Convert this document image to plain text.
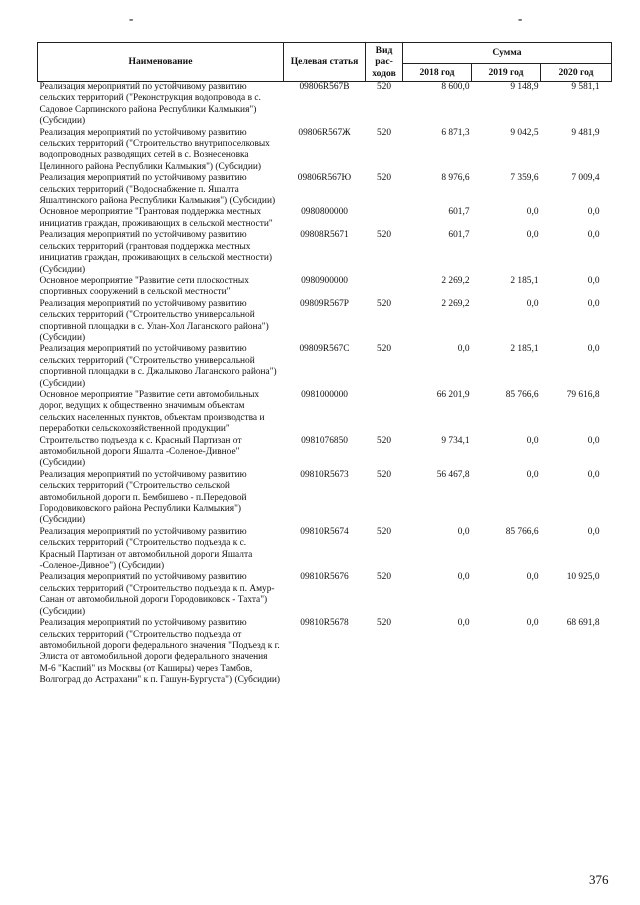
-	-
Наименование	Целевая статья	Вид рас- ходов	Сумма		
			2018 год	2019 год	2020 год
Реализация мероприятий по устойчивому развитию сельских территорий ("Реконструкция водопровода в с. Садовое Сарпинского района Республики Калмыкия") (Субсидии)	09806R567В	520	8 600,0	9 148,9	9 581,1
Реализация мероприятий по устойчивому развитию сельских территорий ("Строительство внутрипоселковых водопроводных разводящих сетей в с. Вознесеновка Целинного района Республики Калмыкия") (Субсидии)	09806R567Ж	520	6 871,3	9 042,5	9 481,9
Реализация мероприятий по устойчивому развитию сельских территорий ("Водоснабжение п. Яшалта Яшалтинского района Республики Калмыкия") (Субсидии)	09806R567Ю	520	8 976,6	7 359,6	7 009,4
Основное мероприятие "Грантовая поддержка местных инициатив граждан, проживающих в сельской местности"	0980800000		601,7	0,0	0,0
Реализация мероприятий по устойчивому развитию сельских территорий (грантовая поддержка местных инициатив граждан, проживающих в сельской местности) (Субсидии)	09808R5671	520	601,7	0,0	0,0
Основное мероприятие "Развитие сети плоскостных спортивных сооружений в сельской местности"	0980900000		2 269,2	2 185,1	0,0
Реализация мероприятий по устойчивому развитию сельских территорий ("Строительство универсальной спортивной площадки в с. Улан-Хол Лаганского района") (Субсидии)	09809R567Р	520	2 269,2	0,0	0,0
Реализация мероприятий по устойчивому развитию сельских территорий ("Строительство универсальной спортивной площадки в с. Джалыково Лаганского района") (Субсидии)	09809R567С	520	0,0	2 185,1	0,0
Основное мероприятие "Развитие сети автомобильных дорог, ведущих к общественно значимым объектам сельских населенных пунктов, объектам производства и переработки сельскохозяйственной продукции"	0981000000		66 201,9	85 766,6	79 616,8
Строительство подъезда к с. Красный Партизан от автомобильной дороги Яшалта -Соленое-Дивное" (Субсидии)	0981076850	520	9 734,1	0,0	0,0
Реализация мероприятий по устойчивому развитию сельских территорий ("Строительство сельской автомобильной дороги п. Бембишево - п.Передовой Городовиковского района Республики Калмыкия") (Субсидии)	09810R5673	520	56 467,8	0,0	0,0
Реализация мероприятий по устойчивому развитию сельских территорий ("Строительство подъезда к с. Красный Партизан от автомобильной дороги Яшалта -Соленое-Дивное") (Субсидии)	09810R5674	520	0,0	85 766,6	0,0
Реализация мероприятий по устойчивому развитию сельских территорий ("Строительство подъезда к п. Амур-Санан от автомобильной дороги Городовиковск - Тахта") (Субсидии)	09810R5676	520	0,0	0,0	10 925,0
Реализация мероприятий по устойчивому развитию сельских территорий ("Строительство подъезда от автомобильной дороги федерального значения "Подъезд к г. Элиста от автомобильной дороги федерального значения М-6 "Каспий" из Москвы (от Каширы) через Тамбов, Волгоград до Астрахани" к п. Гашун-Бургуста") (Субсидии)	09810R5678	520	0,0	0,0	68 691,8
376
